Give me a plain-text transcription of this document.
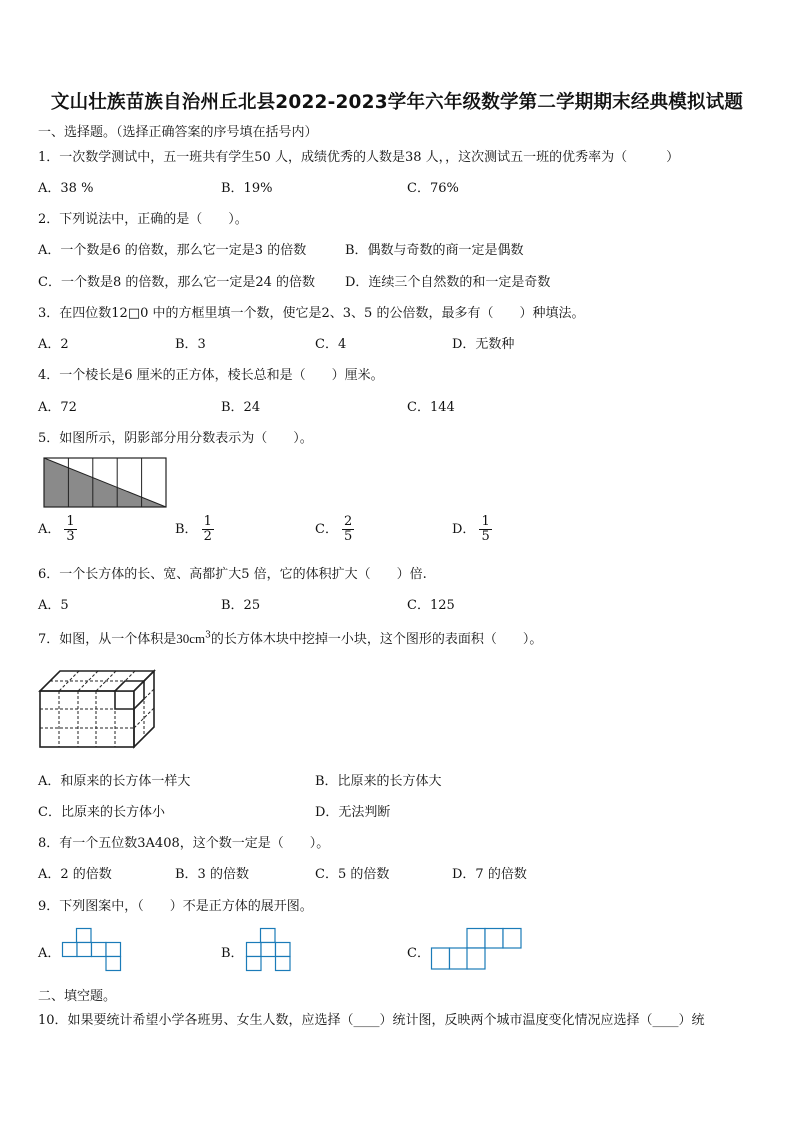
文山壮族苗族自治州丘北县2022-2023学年六年级数学第二学期期末经典模拟试题
一、选择题。（选择正确答案的序号填在括号内）
1．一次数学测试中，五一班共有学生50 人，成绩优秀的人数是38 人，，这次测试五一班的优秀率为（　　　）
A．38 %	B．19%	C．76%
2．下列说法中，正确的是（　　）。
A．一个数是6 的倍数，那么它一定是3 的倍数	B．偶数与奇数的商一定是偶数
C．一个数是8 的倍数，那么它一定是24 的倍数 D．连续三个自然数的和一定是奇数
3．在四位数12□0 中的方框里填一个数，使它是2、3、5 的公倍数，最多有（　　）种填法。
A．2	B．3	C．4	D．无数种
4．一个棱长是6 厘米的正方体，棱长总和是（　　）厘米。
A．72	B．24	C．144
5．如图所示，阴影部分用分数表示为（　　）。
A． $\frac{1}{3}$	B． $\frac{1}{2}$	C． $\frac{2}{5}$	D． $\frac{1}{5}$
6．一个长方体的长、宽、高都扩大5 倍，它的体积扩大（　　）倍.
A．5	B．25	C．125
7．如图，从一个体积是$30cm^3$的长方体木块中挖掉一小块，这个图形的表面积（　　）。
A．和原来的长方体一样大	B．比原来的长方体大
C．比原来的长方体小	D．无法判断
8．有一个五位数3A408，这个数一定是（　　）。
A．2 的倍数	B．3 的倍数	C．5 的倍数	D．7 的倍数
9．下列图案中，（　　）不是正方体的展开图。
A．	B．	C．
二、填空题。
10．如果要统计希望小学各班男、女生人数，应选择（____）统计图，反映两个城市温度变化情况应选择（____）统
